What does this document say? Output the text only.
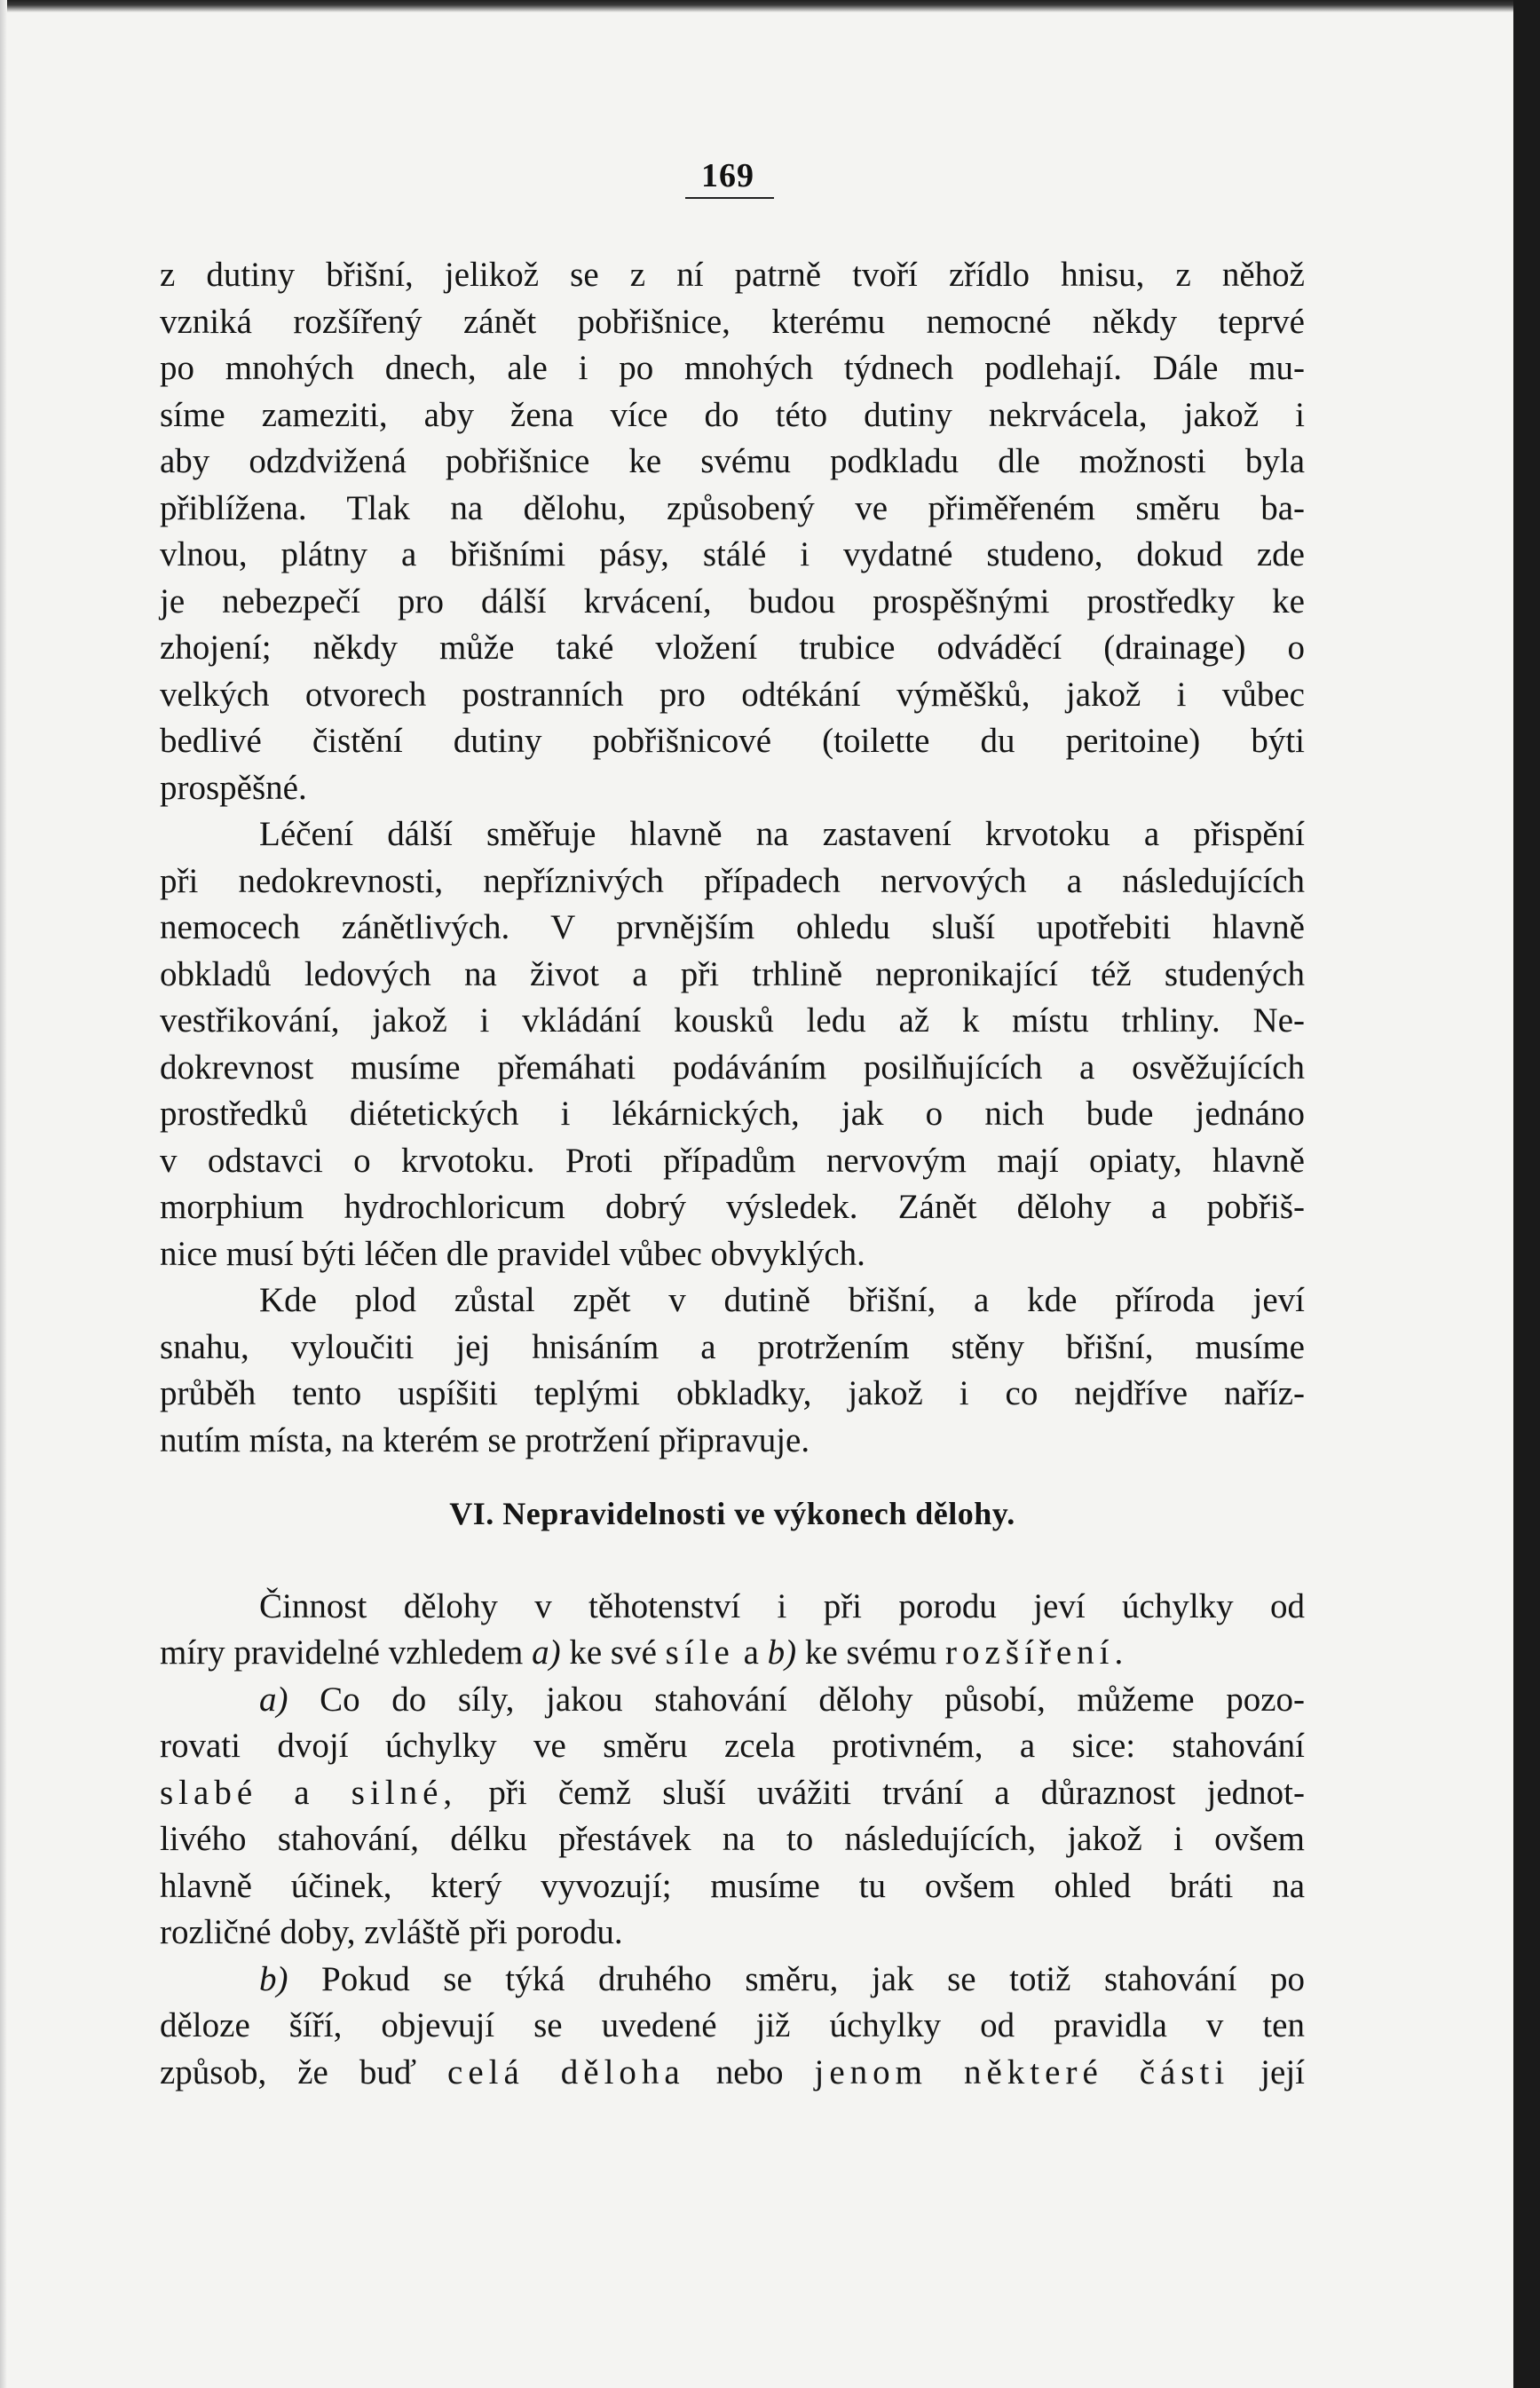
169
z dutiny břišní, jelikož se z ní patrně tvoří zřídlo hnisu, z něhož
vzniká rozšířený zánět pobřišnice, kterému nemocné někdy teprvé
po mnohých dnech, ale i po mnohých týdnech podlehají. Dále mu-
síme zameziti, aby žena více do této dutiny nekrvácela, jakož i
aby odzdvižená pobřišnice ke svému podkladu dle možnosti byla
přiblížena. Tlak na dělohu, způsobený ve přiměřeném směru ba-
vlnou, plátny a břišními pásy, stálé i vydatné studeno, dokud zde
je nebezpečí pro dálší krvácení, budou prospěšnými prostředky ke
zhojení; někdy může také vložení trubice odváděcí (drainage) o
velkých otvorech postranních pro odtékání výměšků, jakož i vůbec
bedlivé čistění dutiny pobřišnicové (toilette du peritoine) býti
prospěšné.
Léčení dálší směřuje hlavně na zastavení krvotoku a přispění
při nedokrevnosti, nepříznivých případech nervových a následujících
nemocech zánětlivých. V prvnějším ohledu sluší upotřebiti hlavně
obkladů ledových na život a při trhlině nepronikající též studených
vestřikování, jakož i vkládání kousků ledu až k místu trhliny. Ne-
dokrevnost musíme přemáhati podáváním posilňujících a osvěžujících
prostředků diétetických i lékárnických, jak o nich bude jednáno
v odstavci o krvotoku. Proti případům nervovým mají opiaty, hlavně
morphium hydrochloricum dobrý výsledek. Zánět dělohy a pobřiš-
nice musí býti léčen dle pravidel vůbec obvyklých.
Kde plod zůstal zpět v dutině břišní, a kde příroda jeví
snahu, vyloučiti jej hnisáním a protržením stěny břišní, musíme
průběh tento uspíšiti teplými obkladky, jakož i co nejdříve naříz-
nutím místa, na kterém se protržení připravuje.
VI. Nepravidelnosti ve výkonech dělohy.
Činnost dělohy v těhotenství i při porodu jeví úchylky od
míry pravidelné vzhledem a) ke své síle a b) ke svému rozšíření.
a) Co do síly, jakou stahování dělohy působí, můžeme pozo-
rovati dvojí úchylky ve směru zcela protivném, a sice: stahování
slabé a silné, při čemž sluší uvážiti trvání a důraznost jednot-
livého stahování, délku přestávek na to následujících, jakož i ovšem
hlavně účinek, který vyvozují; musíme tu ovšem ohled bráti na
rozličné doby, zvláště při porodu.
b) Pokud se týká druhého směru, jak se totiž stahování po
děloze šíří, objevují se uvedené již úchylky od pravidla v ten
způsob, že buď celá děloha nebo jenom některé části její
